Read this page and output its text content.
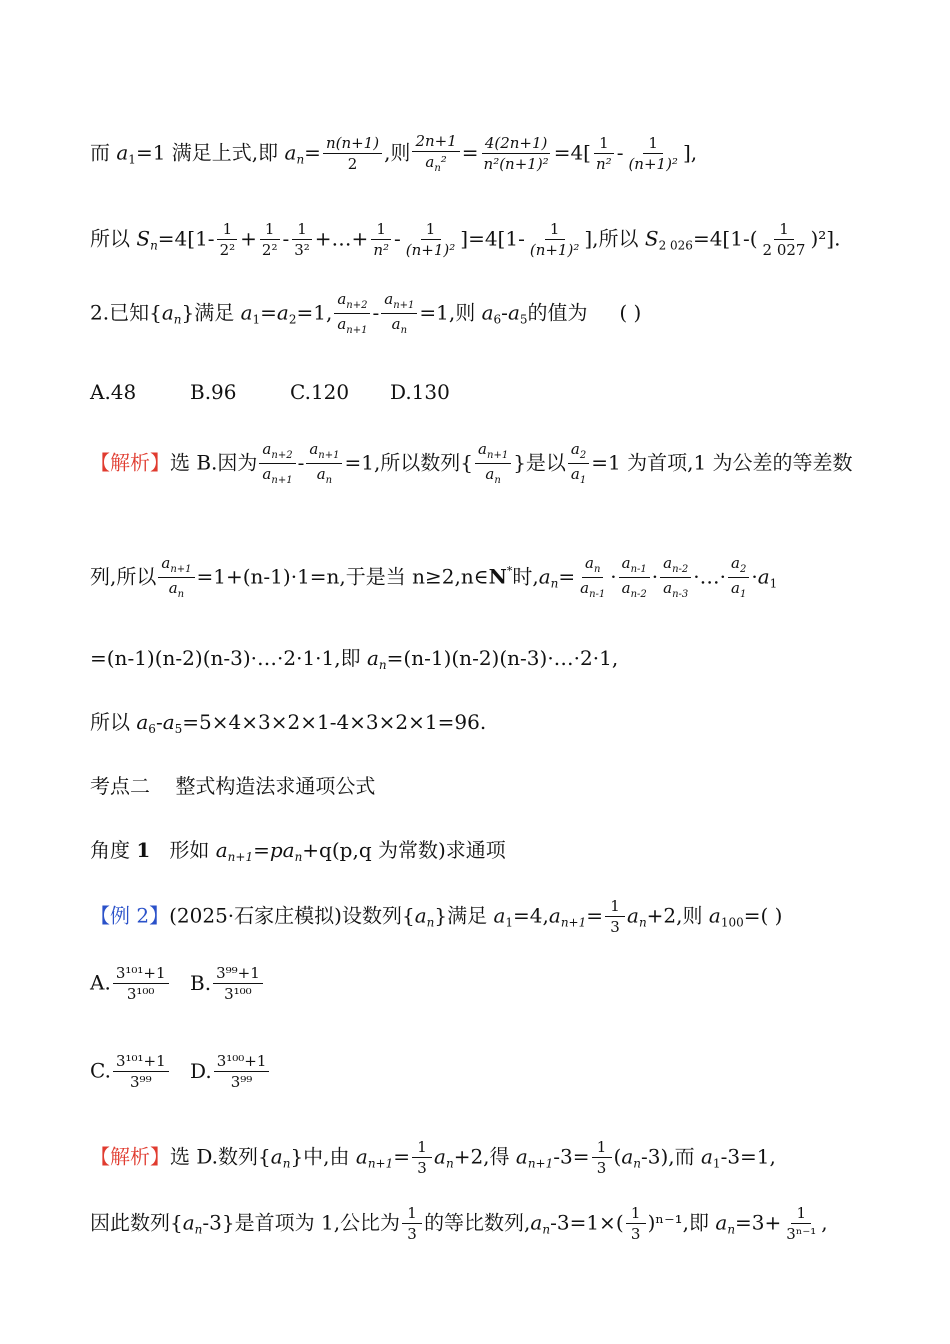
而 $a_1=1$ 满足上式,即 $a_n= \frac{n(n+1)}{2}$ ,则 $\frac{2n+1}{a_n^2} = \frac{4(2n+1)}{\text{n²(n+1)²}} =4[ \frac{1}{\text{n²}} - \frac{1}{\text{(n+1)²}}$ ],
所以 $S_n=4[1- \frac{1}{\text{2²}} + \frac{1}{\text{2²}} - \frac{1}{\text{3²}}$ +…+ $\frac{1}{\text{n²}} - \frac{1}{\text{(n+1)²}} ]=4[1- \frac{1}{\text{(n+1)²}}$ ],所以 $S_{2 026}=4[1-( \frac{1}{2 027} )^2]$.
2.已知$\{a_n\}$满足 $a_1=a_2=1$, $\frac{a_{n+2}}{a_{n+1}} - \frac{a_{n+1}}{a_n} =1$,则 $a_6-a_5$的值为 ( )
A.48	B.96	C.120 D.130
【解析】选 B.因为 $\frac{a_{n+2}}{a_{n+1}} - \frac{a_{n+1}}{a_n} =1$,所以数列{ $\frac{a_{n+1}}{a_n}$ }是以 $\frac{a_2}{a_1} =1$ 为首项,1 为公差的等差数
列,所以 $\frac{a_{n+1}}{a_n} =1+(n-1)\cdot 1=n$,于是当 n≥2,n∈N*时$,a_n= \frac{a_n}{a_{n-1}} \cdot \frac{a_{n-1}}{a_{n-2}} \cdot \frac{a_{n-2}}{a_{n-3}}$ ·…· $\frac{a_2}{a_1} \cdot a_1$
=(n-1)(n-2)(n-3)·…·2·1·1,即 $a_n=(n-1)(n-2)(n-3)\cdot\dots\cdot 2\cdot 1$,
所以 $a_6-a_5=5\times 4\times 3\times 2\times 1-4\times 3\times 2\times 1=96$.
考点二 整式构造法求通项公式
角度 1 形如 $a_{n+1}=pa_n+q(p,q$ 为常数)求通项
【例 2】(2025·石家庄模拟)设数列$\{a_n\}$满足 $a_1=4,a_{n+1}= \frac{1}{3} a_n+2$,则 $a_{100}=$( )
A. $\frac{\text{3¹⁰¹+1}}{\text{3¹⁰⁰}} B$. $\frac{\text{3⁹⁹+1}}{\text{3¹⁰⁰}}$
C. $\frac{\text{3¹⁰¹+1}}{\text{3⁹⁹}} D$. $\frac{\text{3¹⁰⁰+1}}{\text{3⁹⁹}}$
【解析】选 D.数列$\{a_n\}$中,由 $a_{n+1}= \frac{1}{3} a_n+2$,得 $a_{n+1}-3= \frac{1}{3} (a_n-3)$,而 $a_1-3=1$,
因此数列$\{a_n-3\}$是首项为 1,公比为 $\frac{1}{3}$ 的等比数列$,a_n-3=1\times( \frac{1}{3} )^{n-1}$,即 $a_n=3+ \frac{1}{\text{3ⁿ⁻¹}}$ ,
